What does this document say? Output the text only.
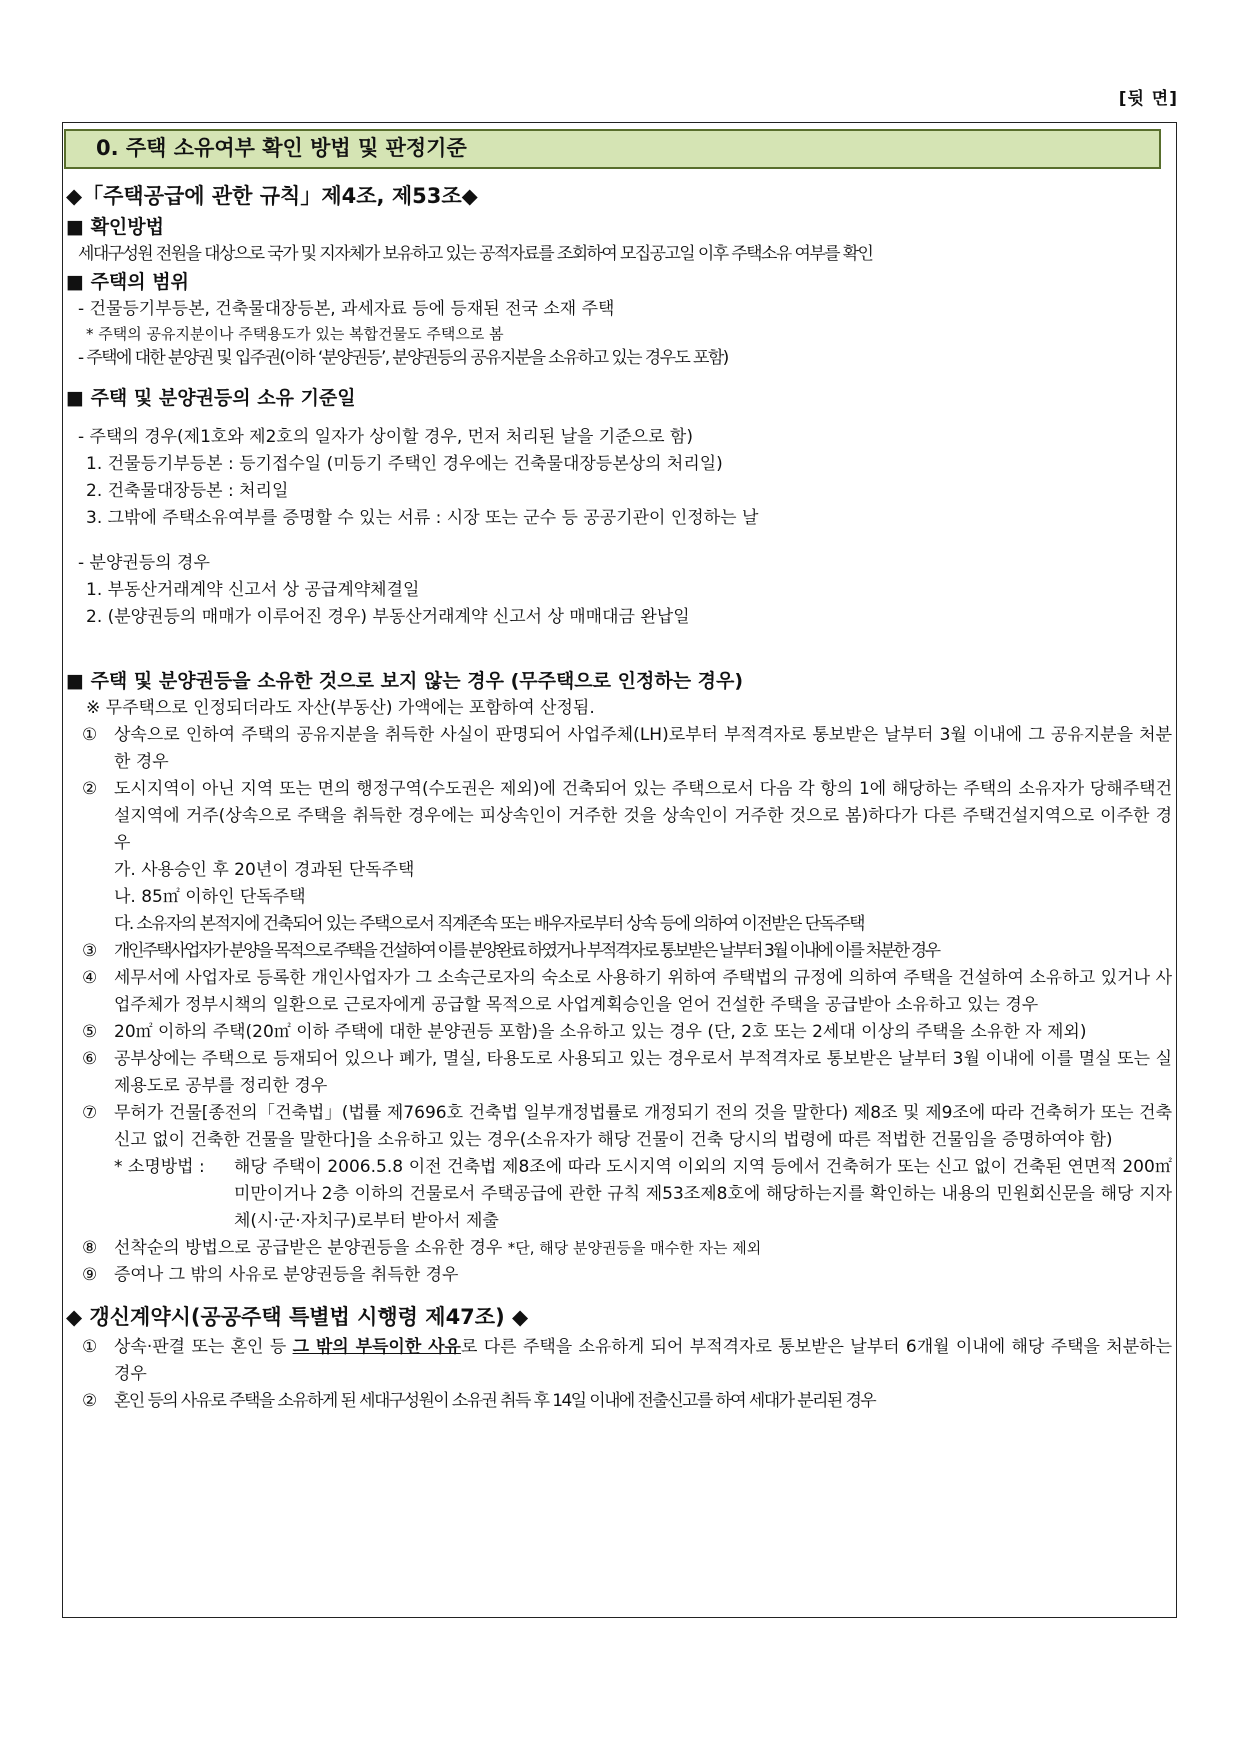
[뒷 면]
0. 주택 소유여부 확인 방법 및 판정기준
◆「주택공급에 관한 규칙」제4조, 제53조◆
■ 확인방법
세대구성원 전원을 대상으로 국가 및 지자체가 보유하고 있는 공적자료를 조회하여 모집공고일 이후 주택소유 여부를 확인
■ 주택의 범위
- 건물등기부등본, 건축물대장등본, 과세자료 등에 등재된 전국 소재 주택
* 주택의 공유지분이나 주택용도가 있는 복합건물도 주택으로 봄
- 주택에 대한 분양권 및 입주권(이하 ‘분양권등’, 분양권등의 공유지분을 소유하고 있는 경우도 포함)
■ 주택 및 분양권등의 소유 기준일
- 주택의 경우(제1호와 제2호의 일자가 상이할 경우, 먼저 처리된 날을 기준으로 함)
1. 건물등기부등본 : 등기접수일 (미등기 주택인 경우에는 건축물대장등본상의 처리일)
2. 건축물대장등본 : 처리일
3. 그밖에 주택소유여부를 증명할 수 있는 서류 : 시장 또는 군수 등 공공기관이 인정하는 날
- 분양권등의 경우
1. 부동산거래계약 신고서 상 공급계약체결일
2. (분양권등의 매매가 이루어진 경우) 부동산거래계약 신고서 상 매매대금 완납일
■ 주택 및 분양권등을 소유한 것으로 보지 않는 경우 (무주택으로 인정하는 경우)
※ 무주택으로 인정되더라도 자산(부동산) 가액에는 포함하여 산정됨.
① 상속으로 인하여 주택의 공유지분을 취득한 사실이 판명되어 사업주체(LH)로부터 부적격자로 통보받은 날부터 3월 이내에 그 공유지분을 처분한 경우
② 도시지역이 아닌 지역 또는 면의 행정구역(수도권은 제외)에 건축되어 있는 주택으로서 다음 각 항의 1에 해당하는 주택의 소유자가 당해주택건설지역에 거주(상속으로 주택을 취득한 경우에는 피상속인이 거주한 것을 상속인이 거주한 것으로 봄)하다가 다른 주택건설지역으로 이주한 경우
가. 사용승인 후 20년이 경과된 단독주택
나. 85㎡ 이하인 단독주택
다. 소유자의 본적지에 건축되어 있는 주택으로서 직계존속 또는 배우자로부터 상속 등에 의하여 이전받은 단독주택
③ 개인주택사업자가 분양을 목적으로 주택을 건설하여 이를 분양완료 하였거나 부적격자로 통보받은 날부터 3월 이내에 이를 처분한 경우
④ 세무서에 사업자로 등록한 개인사업자가 그 소속근로자의 숙소로 사용하기 위하여 주택법의 규정에 의하여 주택을 건설하여 소유하고 있거나 사업주체가 정부시책의 일환으로 근로자에게 공급할 목적으로 사업계획승인을 얻어 건설한 주택을 공급받아 소유하고 있는 경우
⑤ 20㎡ 이하의 주택(20㎡ 이하 주택에 대한 분양권등 포함)을 소유하고 있는 경우 (단, 2호 또는 2세대 이상의 주택을 소유한 자 제외)
⑥ 공부상에는 주택으로 등재되어 있으나 폐가, 멸실, 타용도로 사용되고 있는 경우로서 부적격자로 통보받은 날부터 3월 이내에 이를 멸실 또는 실제용도로 공부를 정리한 경우
⑦ 무허가 건물[종전의「건축법」(법률 제7696호 건축법 일부개정법률로 개정되기 전의 것을 말한다) 제8조 및 제9조에 따라 건축허가 또는 건축신고 없이 건축한 건물을 말한다]을 소유하고 있는 경우(소유자가 해당 건물이 건축 당시의 법령에 따른 적법한 건물임을 증명하여야 함)
* 소명방법 : 해당 주택이 2006.5.8 이전 건축법 제8조에 따라 도시지역 이외의 지역 등에서 건축허가 또는 신고 없이 건축된 연면적 200㎡ 미만이거나 2층 이하의 건물로서 주택공급에 관한 규칙 제53조제8호에 해당하는지를 확인하는 내용의 민원회신문을 해당 지자체(시·군·자치구)로부터 받아서 제출
⑧ 선착순의 방법으로 공급받은 분양권등을 소유한 경우 *단, 해당 분양권등을 매수한 자는 제외
⑨ 증여나 그 밖의 사유로 분양권등을 취득한 경우
◆ 갱신계약시(공공주택 특별법 시행령 제47조) ◆
① 상속·판결 또는 혼인 등 그 밖의 부득이한 사유로 다른 주택을 소유하게 되어 부적격자로 통보받은 날부터 6개월 이내에 해당 주택을 처분하는 경우
② 혼인 등의 사유로 주택을 소유하게 된 세대구성원이 소유권 취득 후 14일 이내에 전출신고를 하여 세대가 분리된 경우
